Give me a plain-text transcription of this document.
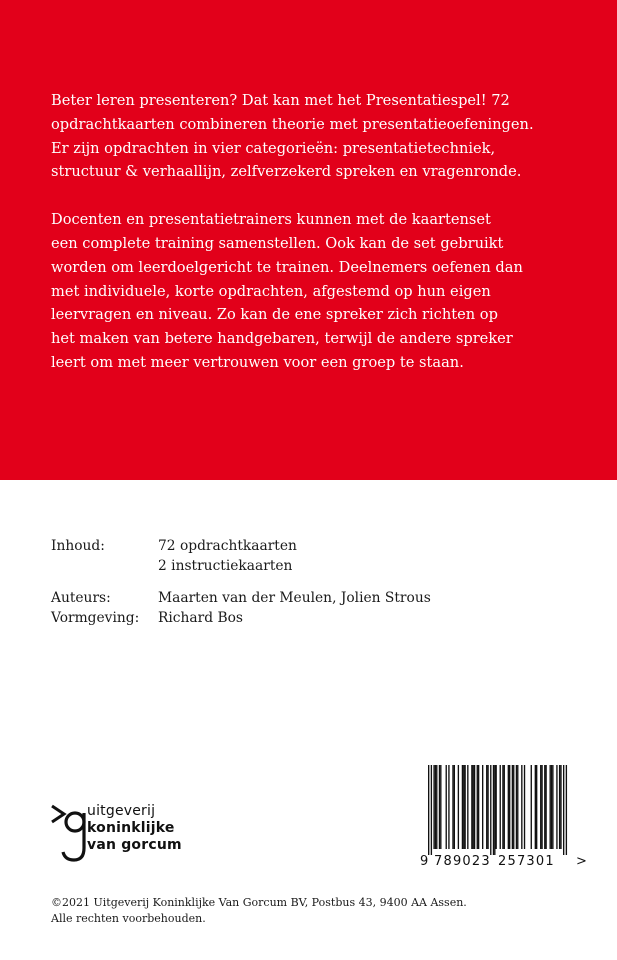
Beter leren presenteren? Dat kan met het Presentatiespel! 72
opdrachtkaarten combineren theorie met presentatieoefeningen.
Er zijn opdrachten in vier categorieën: presentatietechniek,
structuur & verhaallijn, zelfverzekerd spreken en vragenronde.

Docenten en presentatietrainers kunnen met de kaartenset
een complete training samenstellen. Ook kan de set gebruikt
worden om leerdoelgericht te trainen. Deelnemers oefenen dan
met individuele, korte opdrachten, afgestemd op hun eigen
leervragen en niveau. Zo kan de ene spreker zich richten op
het maken van betere handgebaren, terwijl de andere spreker
leert om met meer vertrouwen voor een groep te staan.

Inhoud:	72 opdrachtkaarten
2 instructiekaarten
Auteurs:	Maarten van der Meulen, Jolien Strous
Vormgeving:	Richard Bos
uitgeverij
koninklijke
van gorcum
9 789023 257301 >
©2021 Uitgeverij Koninklijke Van Gorcum BV, Postbus 43, 9400 AA Assen.
Alle rechten voorbehouden.
